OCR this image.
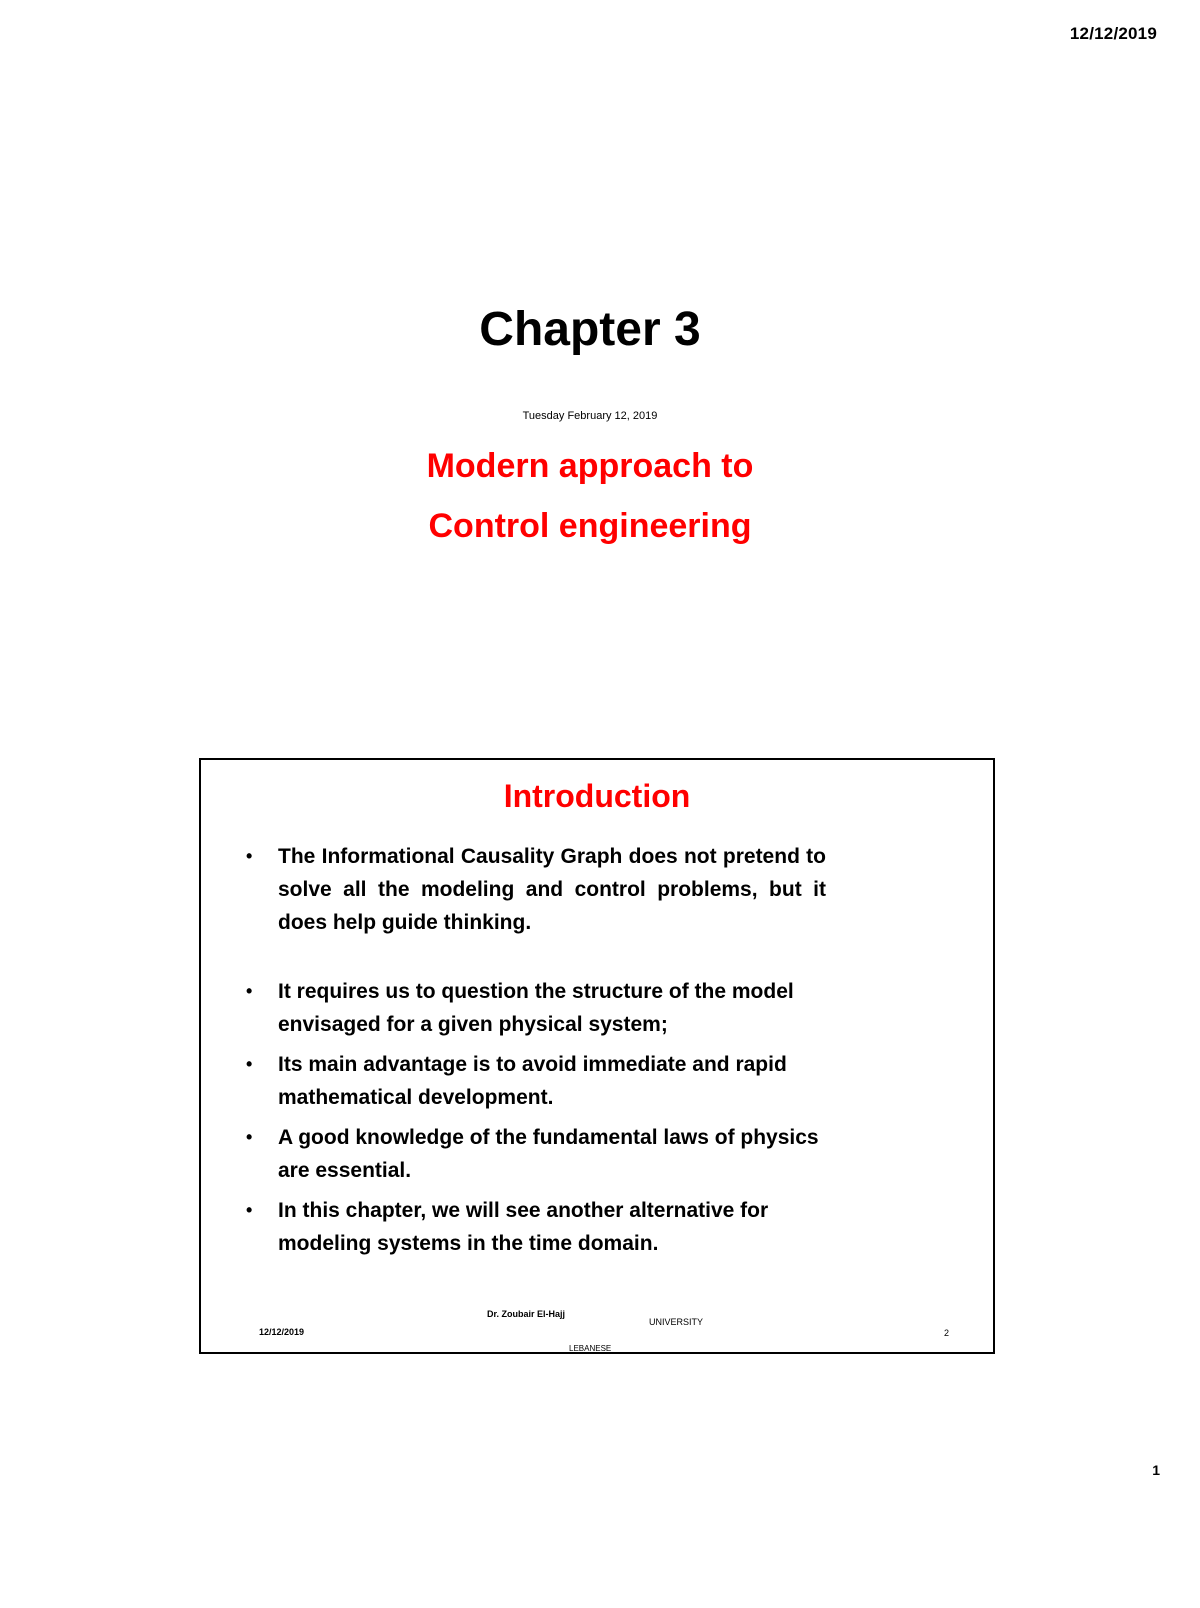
12/12/2019
Chapter 3
Tuesday February 12, 2019
Modern approach to
Control engineering
Introduction
• The Informational Causality Graph does not pretend to solve all the modeling and control problems, but it does help guide thinking.
• It requires us to question the structure of the model envisaged for a given physical system;
• Its main advantage is to avoid immediate and rapid mathematical development.
• A good knowledge of the fundamental laws of physics are essential.
• In this chapter, we will see another alternative for modeling systems in the time domain.
12/12/2019
Dr. Zoubair El-Hajj
UNIVERSITY
LEBANESE
2
1
